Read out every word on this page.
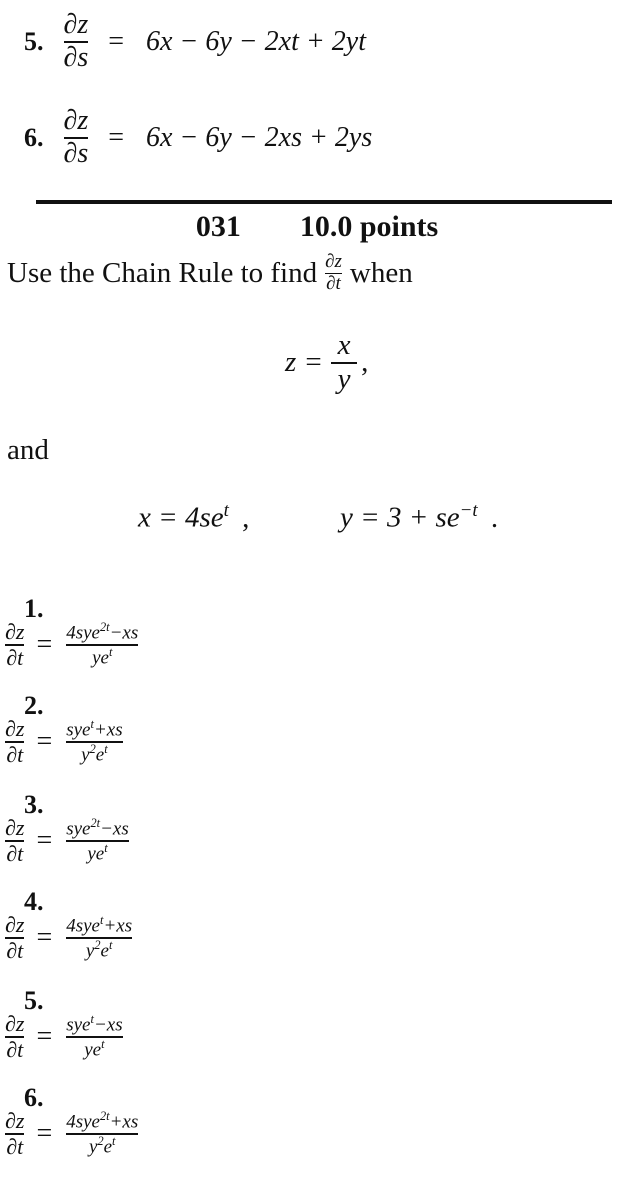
5. $\frac{\partial z}{\partial s} = 6x - 6y - 2xt + 2yt$
6. $\frac{\partial z}{\partial s} = 6x - 6y - 2xs + 2ys$
031 10.0 points
Use the Chain Rule to find $\frac{\partial z}{\partial t}$ when
$z = \frac{x}{y}$ ,
and
$x = 4se^t$ ,	$y = 3 + se^{-t}$ .
1.
$\frac{\partial z}{\partial t} = \frac{4sye^{2t}-xs}{ye^t}$
2.
$\frac{\partial z}{\partial t} = \frac{sye^t+xs}{y^2e^t}$
3.
$\frac{\partial z}{\partial t} = \frac{sye^{2t}-xs}{ye^t}$
4.
$\frac{\partial z}{\partial t} = \frac{4sye^t+xs}{y^2e^t}$
5.
$\frac{\partial z}{\partial t} = \frac{sye^t-xs}{ye^t}$
6.
$\frac{\partial z}{\partial t} = \frac{4sye^{2t}+xs}{y^2e^t}$
